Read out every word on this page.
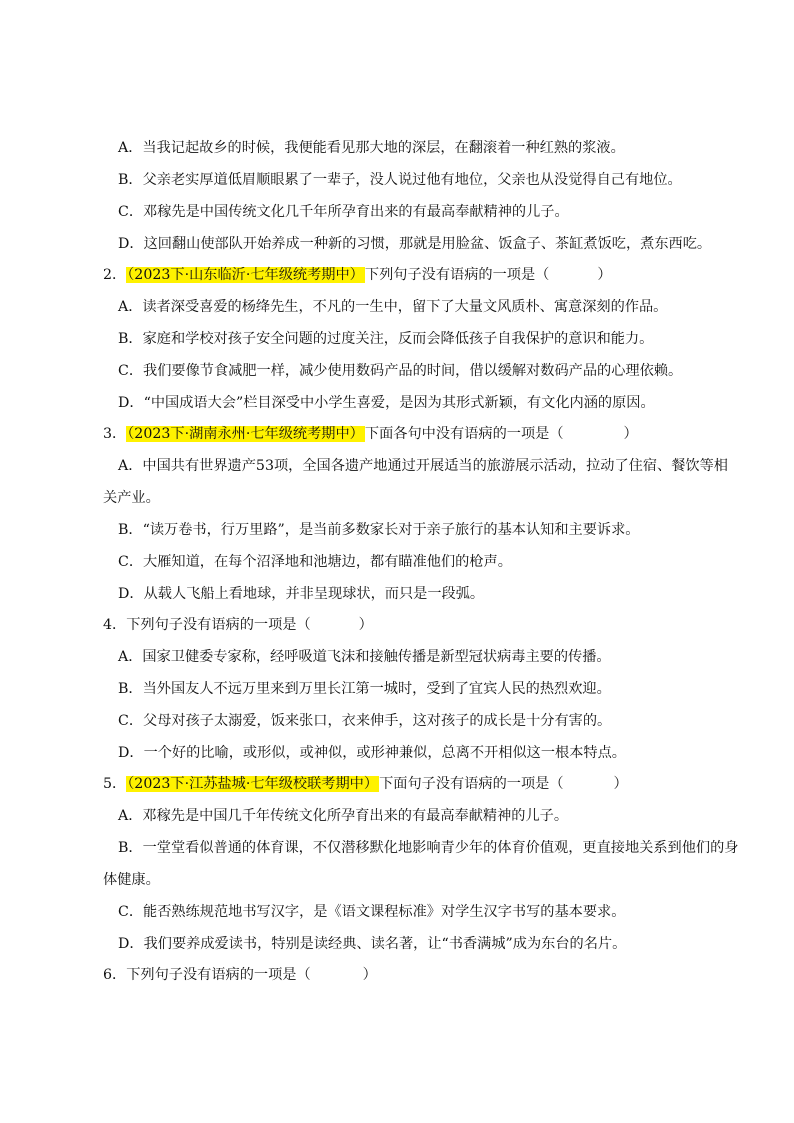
A．当我记起故乡的时候，我便能看见那大地的深层，在翻滚着一种红熟的浆液。
B．父亲老实厚道低眉顺眼累了一辈子，没人说过他有地位，父亲也从没觉得自己有地位。
C．邓稼先是中国传统文化几千年所孕育出来的有最高奉献精神的儿子。
D．这回翻山使部队开始养成一种新的习惯，那就是用脸盆、饭盒子、茶缸煮饭吃，煮东西吃。
2．（2023下·山东临沂·七年级统考期中）下列句子没有语病的一项是（	）
A．读者深受喜爱的杨绛先生，不凡的一生中，留下了大量文风质朴、寓意深刻的作品。
B．家庭和学校对孩子安全问题的过度关注，反而会降低孩子自我保护的意识和能力。
C．我们要像节食减肥一样，减少使用数码产品的时间，借以缓解对数码产品的心理依赖。
D．“中国成语大会”栏目深受中小学生喜爱，是因为其形式新颖，有文化内涵的原因。
3．（2023下·湖南永州·七年级统考期中）下面各句中没有语病的一项是（	）
A．中国共有世界遗产53项，全国各遗产地通过开展适当的旅游展示活动，拉动了住宿、餐饮等相
关产业。
B．“读万卷书，行万里路”，是当前多数家长对于亲子旅行的基本认知和主要诉求。
C．大雁知道，在每个沼泽地和池塘边，都有瞄准他们的枪声。
D．从载人飞船上看地球，并非呈现球状，而只是一段弧。
4．下列句子没有语病的一项是（	）
A．国家卫健委专家称，经呼吸道飞沫和接触传播是新型冠状病毒主要的传播。
B．当外国友人不远万里来到万里长江第一城时，受到了宜宾人民的热烈欢迎。
C．父母对孩子太溺爱，饭来张口，衣来伸手，这对孩子的成长是十分有害的。
D．一个好的比喻，或形似，或神似，或形神兼似，总离不开相似这一根本特点。
5．（2023下·江苏盐城·七年级校联考期中）下面句子没有语病的一项是（	）
A．邓稼先是中国几千年传统文化所孕育出来的有最高奉献精神的儿子。
B．一堂堂看似普通的体育课，不仅潜移默化地影响青少年的体育价值观，更直接地关系到他们的身
体健康。
C．能否熟练规范地书写汉字，是《语文课程标准》对学生汉字书写的基本要求。
D．我们要养成爱读书，特别是读经典、读名著，让“书香满城”成为东台的名片。
6．下列句子没有语病的一项是（	）
